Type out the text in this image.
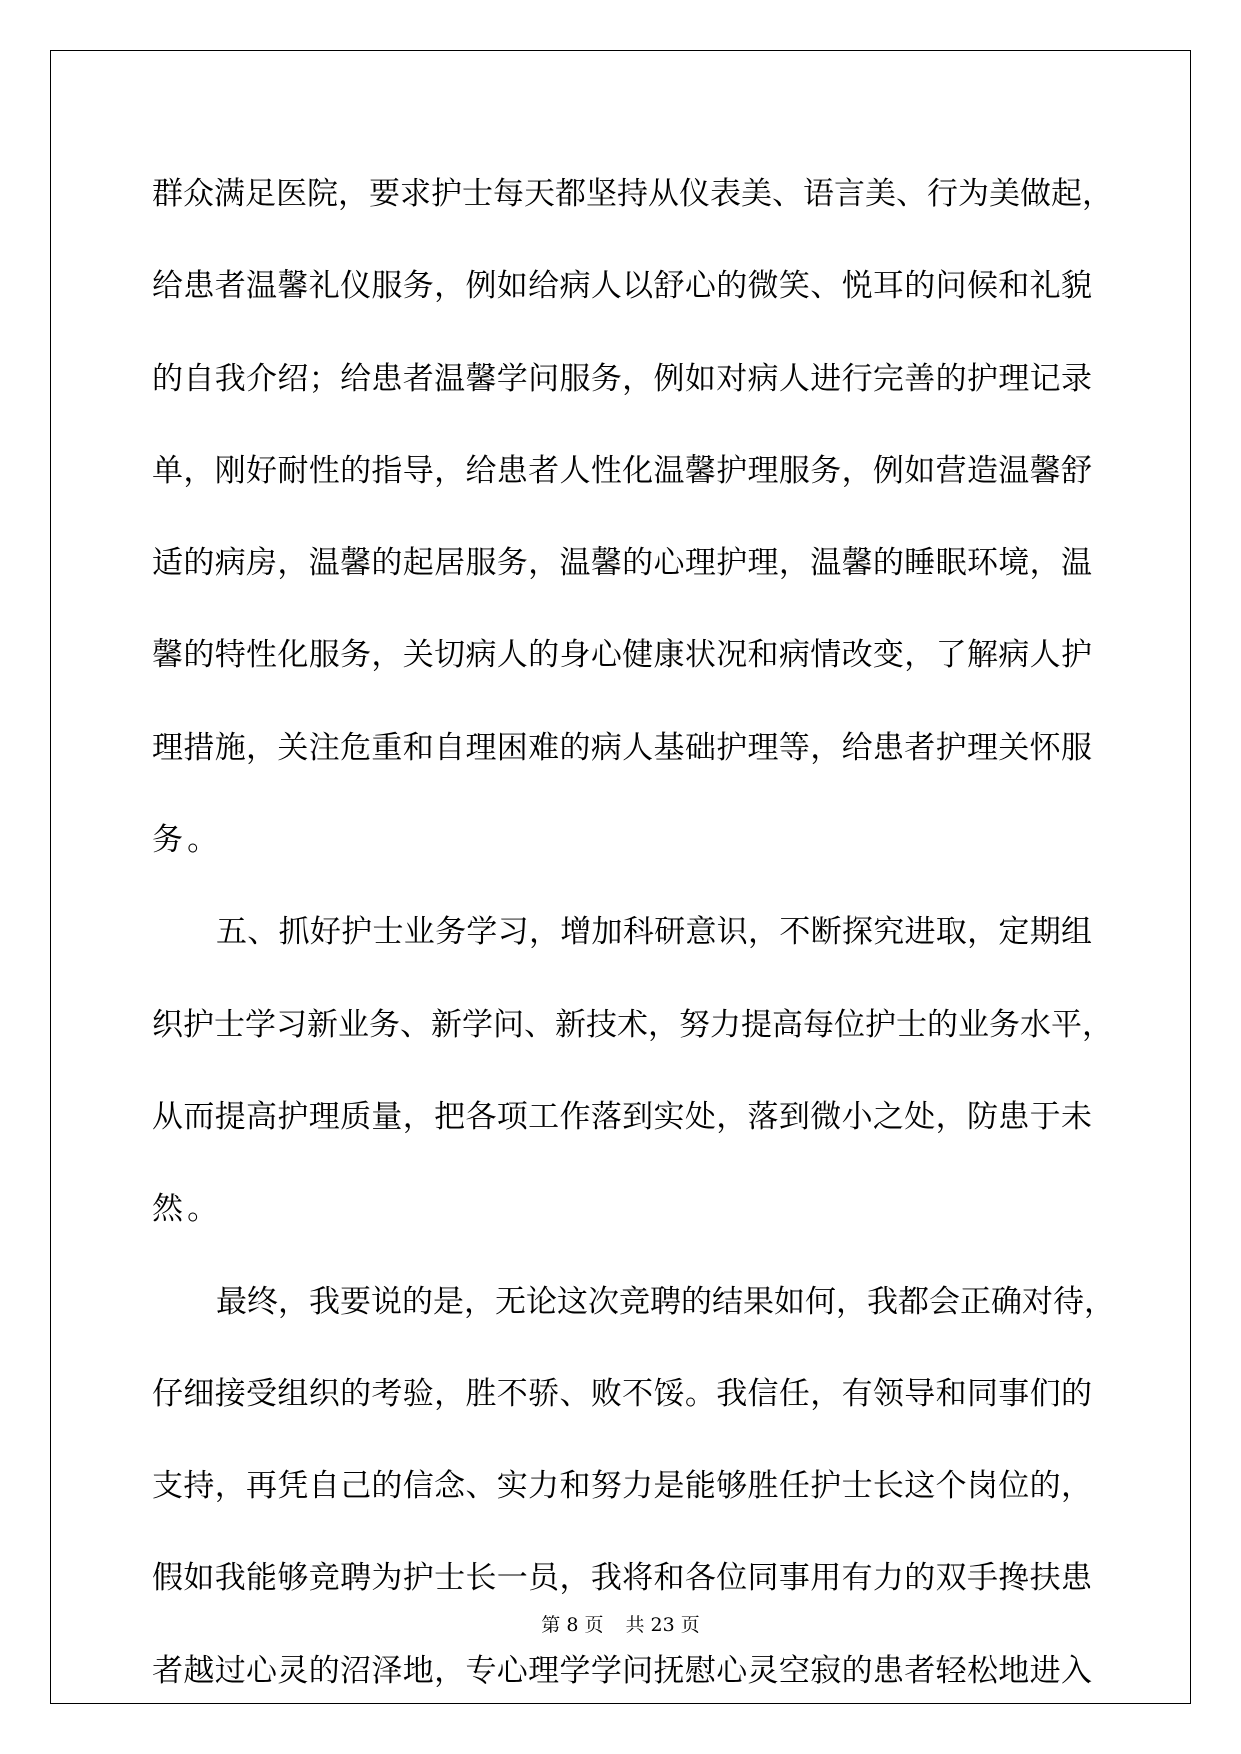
群众满足医院，要求护士每天都坚持从仪表美、语言美、行为美做起，
给患者温馨礼仪服务，例如给病人以舒心的微笑、悦耳的问候和礼貌
的自我介绍；给患者温馨学问服务，例如对病人进行完善的护理记录
单，刚好耐性的指导，给患者人性化温馨护理服务，例如营造温馨舒
适的病房，温馨的起居服务，温馨的心理护理，温馨的睡眠环境，温
馨的特性化服务，关切病人的身心健康状况和病情改变，了解病人护
理措施，关注危重和自理困难的病人基础护理等，给患者护理关怀服
务。
五、抓好护士业务学习，增加科研意识，不断探究进取，定期组
织护士学习新业务、新学问、新技术，努力提高每位护士的业务水平，
从而提高护理质量，把各项工作落到实处，落到微小之处，防患于未
然。
最终，我要说的是，无论这次竞聘的结果如何，我都会正确对待，
仔细接受组织的考验，胜不骄、败不馁。我信任，有领导和同事们的
支持，再凭自己的信念、实力和努力是能够胜任护士长这个岗位的，
假如我能够竞聘为护士长一员，我将和各位同事用有力的双手搀扶患
者越过心灵的沼泽地，专心理学学问抚慰心灵空寂的患者轻松地进入
第 8 页 共 23 页
